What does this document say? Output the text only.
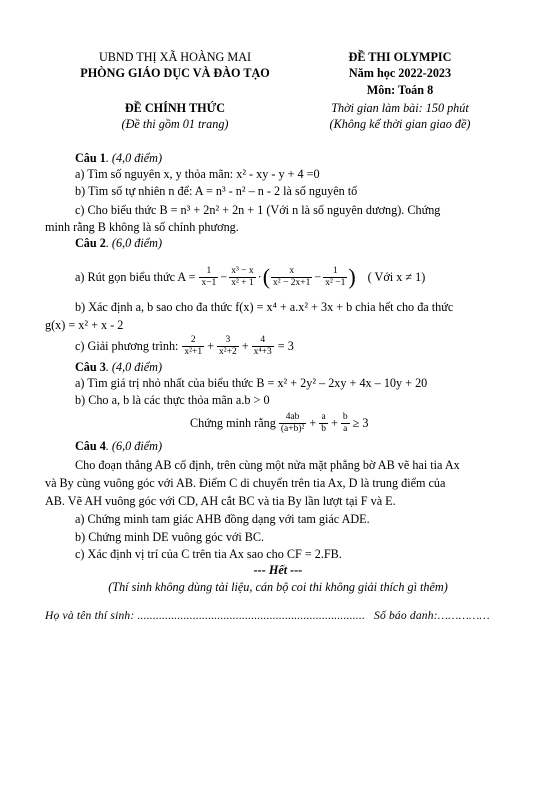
UBND THỊ XÃ HOÀNG MAI
PHÒNG GIÁO DỤC VÀ ĐÀO TẠO
ĐỀ THI OLYMPIC
Năm học 2022-2023
Môn: Toán 8
ĐỀ CHÍNH THỨC
(Đề thi gồm 01 trang)
Thời gian làm bài: 150 phút
(Không kể thời gian giao đề)
Câu 1. (4,0 điểm)
a) Tìm số nguyên x, y thỏa mãn: x² - xy - y + 4 =0
b) Tìm số tự nhiên n để: A = n³ - n² – n - 2 là số nguyên tố
c) Cho biểu thức B = n³ + 2n² + 2n + 1 (Với n là số nguyên dương). Chứng
minh rằng B không là số chính phương.
Câu 2. (6,0 điểm)
a) Rút gọn biểu thức $A = \frac{1}{x-1} - \frac{\text{x³ − x}}{\text{x² + 1}}$ · ( $\frac{x}{\text{x² − 2x+1}} - \frac{1}{\text{x² −1}}$ ) ( Với x ≠ 1)
b) Xác định a, b sao cho đa thức f(x) = x⁴ + a.x² + 3x + b chia hết cho đa thức
g(x) = x² + x - 2
c) Giải phương trình: $\frac{2}{\text{x²+1}} + \frac{3}{\text{x²+2}} + \frac{4}{\text{x⁴+3}} = 3$
Câu 3. (4,0 điểm)
a) Tìm giá trị nhỏ nhất của biểu thức B = x² + 2y² – 2xy + 4x – 10y + 20
b) Cho a, b là các thực thỏa mãn a.b > 0
Chứng minh rằng $\frac{4ab}{\text{(a+b)²}} + \frac{a}{b} + \frac{b}{a} \ge 3$
Câu 4. (6,0 điểm)
Cho đoạn thẳng AB cố định, trên cùng một nửa mặt phẳng bờ AB vẽ hai tia Ax
và By cùng vuông góc với AB. Điểm C di chuyển trên tia Ax, D là trung điểm của
AB. Vẽ AH vuông góc với CD, AH cắt BC và tia By lần lượt tại F và E.
a) Chứng minh tam giác AHB đồng dạng với tam giác ADE.
b) Chứng minh DE vuông góc với BC.
c) Xác định vị trí của C trên tia Ax sao cho CF = 2.FB.
--- Hết ---
(Thí sinh không dùng tài liệu, cán bộ coi thi không giải thích gì thêm)
Họ và tên thí sinh: .......................................................................... Số báo danh:……………
